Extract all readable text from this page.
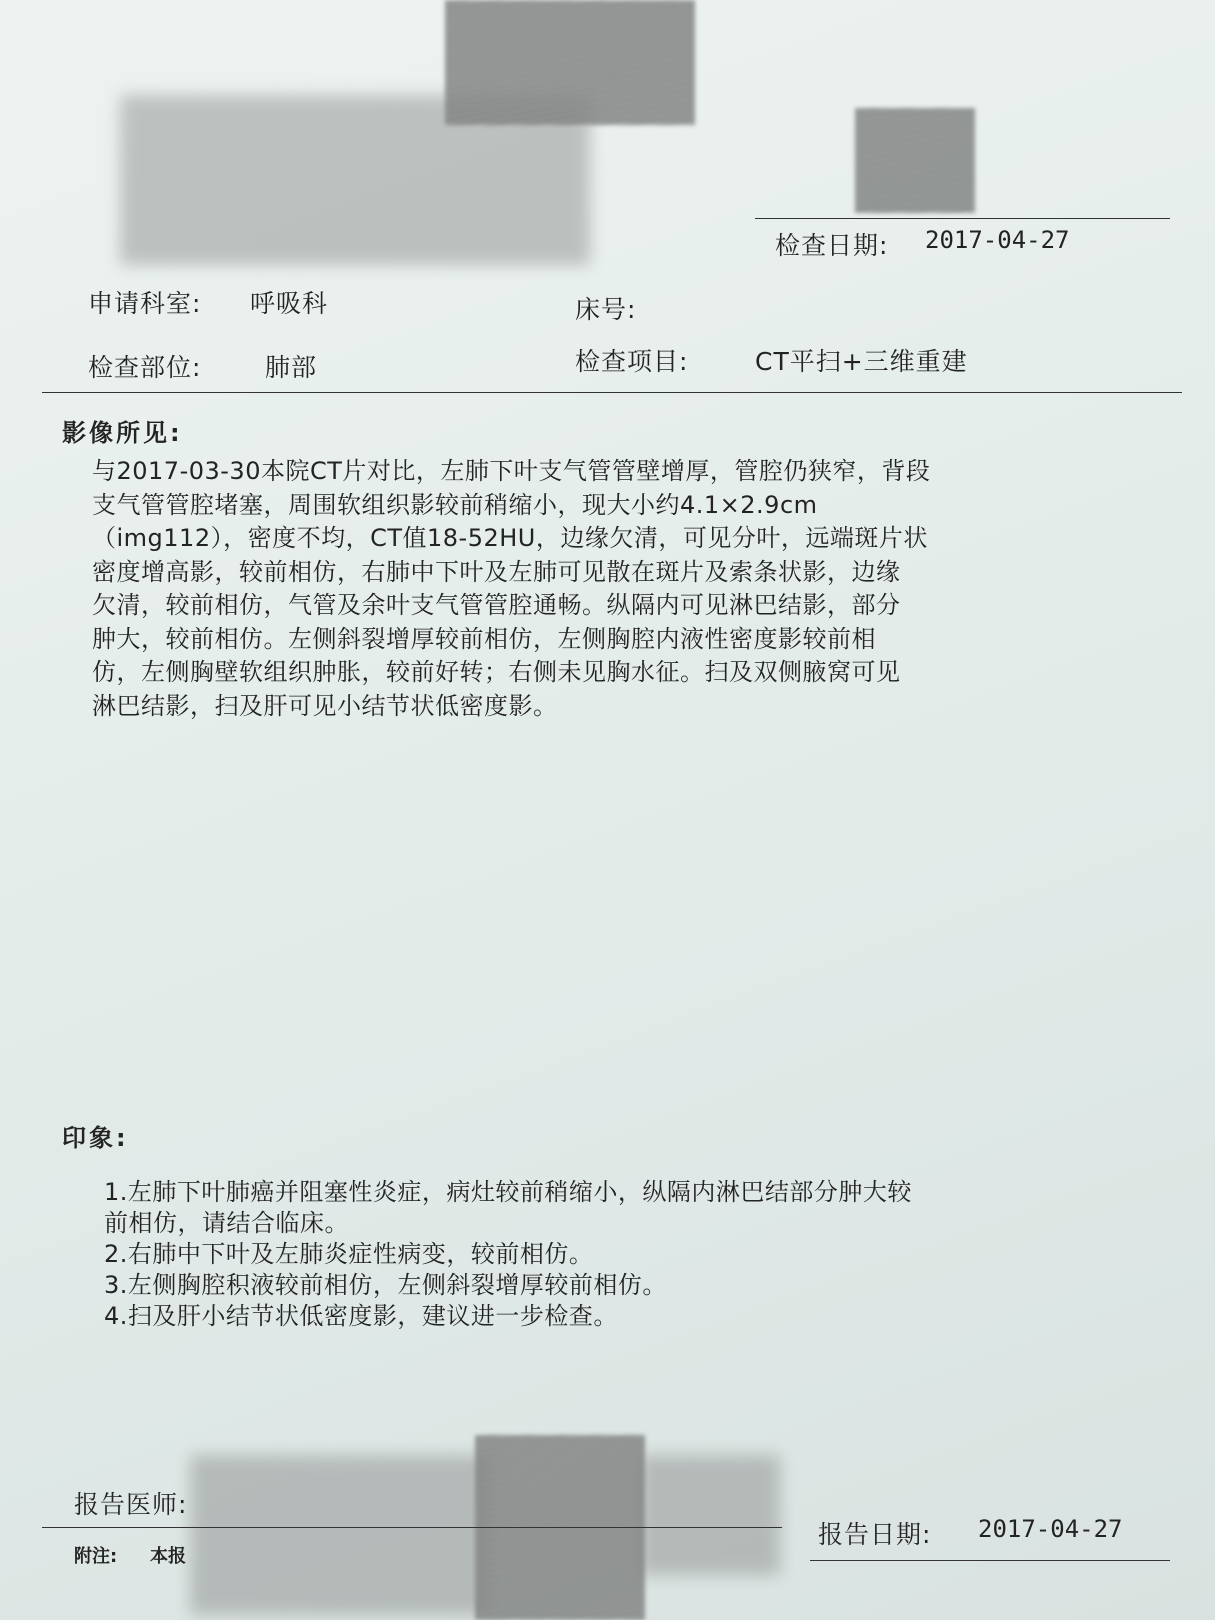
检查日期: 2017-04-27
申请科室: 呼吸科	床号:
检查部位:	肺部	检查项目:	CT平扫+三维重建
影像所见:
与2017-03-30本院CT片对比，左肺下叶支气管管壁增厚，管腔仍狭窄，背段
支气管管腔堵塞，周围软组织影较前稍缩小，现大小约4.1×2.9cm
（img112），密度不均，CT值18-52HU，边缘欠清，可见分叶，远端斑片状
密度增高影，较前相仿，右肺中下叶及左肺可见散在斑片及索条状影，边缘
欠清，较前相仿，气管及余叶支气管管腔通畅。纵隔内可见淋巴结影，部分
肿大，较前相仿。左侧斜裂增厚较前相仿，左侧胸腔内液性密度影较前相
仿，左侧胸壁软组织肿胀，较前好转；右侧未见胸水征。扫及双侧腋窝可见
淋巴结影，扫及肝可见小结节状低密度影。
印象:
1.左肺下叶肺癌并阻塞性炎症，病灶较前稍缩小，纵隔内淋巴结部分肿大较
前相仿，请结合临床。
2.右肺中下叶及左肺炎症性病变，较前相仿。
3.左侧胸腔积液较前相仿，左侧斜裂增厚较前相仿。
4.扫及肝小结节状低密度影，建议进一步检查。
报告医师:
报告日期: 2017-04-27
附注: 本报
